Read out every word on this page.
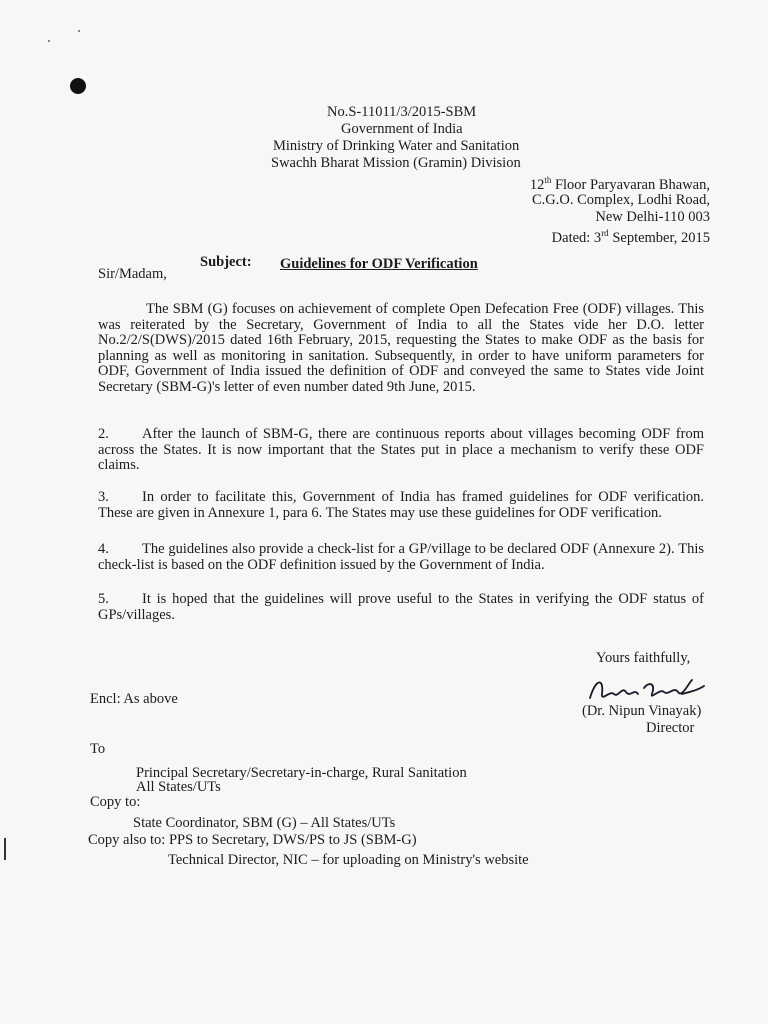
No.S-11011/3/2015-SBM
Government of India
Ministry of Drinking Water and Sanitation
Swachh Bharat Mission (Gramin) Division
12th Floor Paryavaran Bhawan,
C.G.O. Complex, Lodhi Road,
New Delhi-110 003
Dated: 3rd September, 2015
Subject: Guidelines for ODF Verification
Sir/Madam,
The SBM (G) focuses on achievement of complete Open Defecation Free (ODF) villages. This was reiterated by the Secretary, Government of India to all the States vide her D.O. letter No.2/2/S(DWS)/2015 dated 16th February, 2015, requesting the States to make ODF as the basis for planning as well as monitoring in sanitation. Subsequently, in order to have uniform parameters for ODF, Government of India issued the definition of ODF and conveyed the same to States vide Joint Secretary (SBM-G)'s letter of even number dated 9th June, 2015.
2. After the launch of SBM-G, there are continuous reports about villages becoming ODF from across the States. It is now important that the States put in place a mechanism to verify these ODF claims.
3. In order to facilitate this, Government of India has framed guidelines for ODF verification. These are given in Annexure 1, para 6. The States may use these guidelines for ODF verification.
4. The guidelines also provide a check-list for a GP/village to be declared ODF (Annexure 2). This check-list is based on the ODF definition issued by the Government of India.
5. It is hoped that the guidelines will prove useful to the States in verifying the ODF status of GPs/villages.
Yours faithfully,
Encl: As above
(Dr. Nipun Vinayak)
Director
To
Principal Secretary/Secretary-in-charge, Rural Sanitation
All States/UTs
Copy to:
State Coordinator, SBM (G) – All States/UTs
Copy also to: PPS to Secretary, DWS/PS to JS (SBM-G)
Technical Director, NIC – for uploading on Ministry's website
